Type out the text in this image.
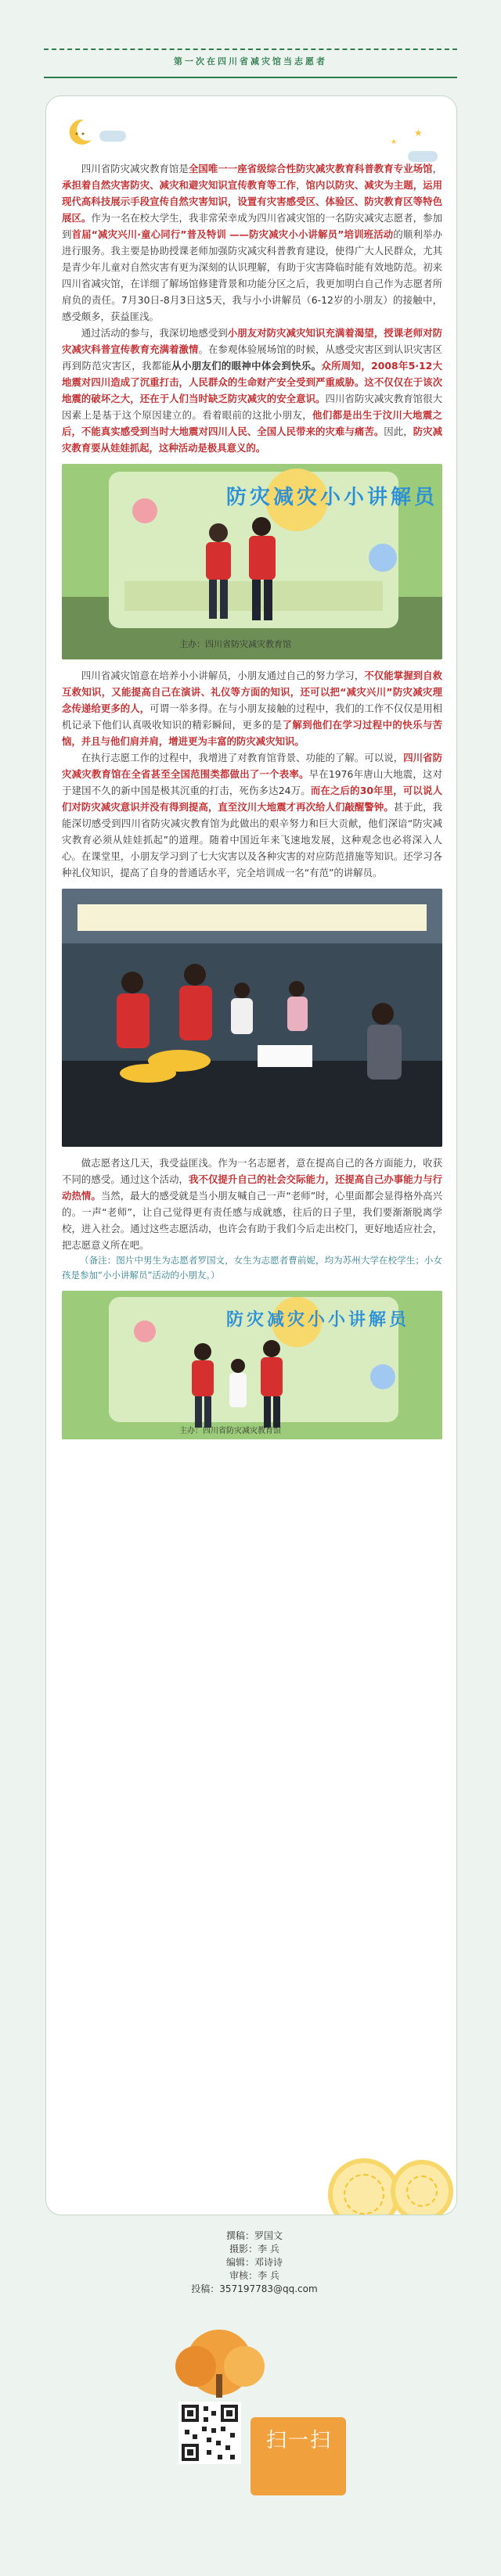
第一次在四川省减灾馆当志愿者
★
★

四川省防灾减灾教育馆是全国唯一一座省级综合性防灾减灾教育科普教育专业场馆，承担着自然灾害防灾、减灾和避灾知识宣传教育等工作，馆内以防灾、减灾为主题，运用现代高科技展示手段宣传自然灾害知识，设置有灾害感受区、体验区、防灾教育区等特色展区。作为一名在校大学生，我非常荣幸成为四川省减灾馆的一名防灾减灾志愿者，参加到首届“减灾兴川·童心同行”普及特训 ——防灾减灾小小讲解员”培训班活动的顺利举办进行服务。我主要是协助授课老师加强防灾减灾科普教育建设，使得广大人民群众，尤其是青少年儿童对自然灾害有更为深刻的认识理解，有助于灾害降临时能有效地防范。初来四川省减灾馆，在详细了解场馆修建背景和功能分区之后，我更加明白自己作为志愿者所肩负的责任。7月30日-8月3日这5天，我与小小讲解员（6-12岁的小朋友）的接触中，感受颇多，获益匪浅。

通过活动的参与，我深切地感受到小朋友对防灾减灾知识充满着渴望，授课老师对防灾减灾科普宣传教育充满着激情。在参观体验展场馆的时候，从感受灾害区到认识灾害区再到防范灾害区，我都能从小朋友们的眼神中体会到快乐。众所周知，2008年5·12大地震对四川造成了沉重打击，人民群众的生命财产安全受到严重威胁。这不仅仅在于该次地震的破坏之大，还在于人们当时缺乏防灾减灾的安全意识。四川省防灾减灾教育馆很大因素上是基于这个原因建立的。看着眼前的这批小朋友，他们都是出生于汶川大地震之后，不能真实感受到当时大地震对四川人民、全国人民带来的灾难与痛苦。因此，防灾减灾教育要从娃娃抓起，这种活动是极具意义的。

防灾减灾小小讲解员
主办：四川省防灾减灾教育馆

四川省减灾馆意在培养小小讲解员，小朋友通过自己的努力学习，不仅能掌握到自救互救知识，又能提高自己在演讲、礼仪等方面的知识，还可以把“减灾兴川”防灾减灾理念传递给更多的人，可谓一举多得。在与小朋友接触的过程中，我们的工作不仅仅是用相机记录下他们认真吸收知识的精彩瞬间，更多的是了解到他们在学习过程中的快乐与苦恼，并且与他们肩并肩，增进更为丰富的防灾减灾知识。

在执行志愿工作的过程中，我增进了对教育馆背景、功能的了解。可以说，四川省防灾减灾教育馆在全省甚至全国范围类都做出了一个表率。早在1976年唐山大地震，这对于建国不久的新中国是极其沉重的打击，死伤多达24万。而在之后的30年里，可以说人们对防灾减灾意识并没有得到提高，直至汶川大地震才再次给人们敲醒警钟。甚于此，我能深切感受到四川省防灾减灾教育馆为此做出的艰辛努力和巨大贡献，他们深谙“防灾减灾教育必须从娃娃抓起”的道理。随着中国近年来飞速地发展，这种观念也必将深入人心。在课堂里，小朋友学习到了七大灾害以及各种灾害的对应防范措施等知识。还学习各种礼仪知识，提高了自身的普通话水平，完全培训成一名“有范”的讲解员。

做志愿者这几天，我受益匪浅。作为一名志愿者，意在提高自己的各方面能力，收获不同的感受。通过这个活动，我不仅提升自己的社会交际能力，还提高自己办事能力与行动热情。当然，最大的感受就是当小朋友喊自己一声“老师”时，心里面都会显得格外高兴的。一声“老师”，让自己觉得更有责任感与成就感，往后的日子里，我们要渐渐脱离学校，进入社会。通过这些志愿活动，也许会有助于我们今后走出校门，更好地适应社会，把志愿意义所在吧。

（备注：图片中男生为志愿者罗国文，女生为志愿者曹前妮，均为苏州大学在校学生；小女孩是参加“小小讲解员”活动的小朋友。）

防灾减灾小小讲解员
主办：四川省防灾减灾教育馆
撰稿：罗国文
摄影：李 兵
编辑：邓诗诗
审核：李 兵
投稿：357197783@qq.com
扫一扫
